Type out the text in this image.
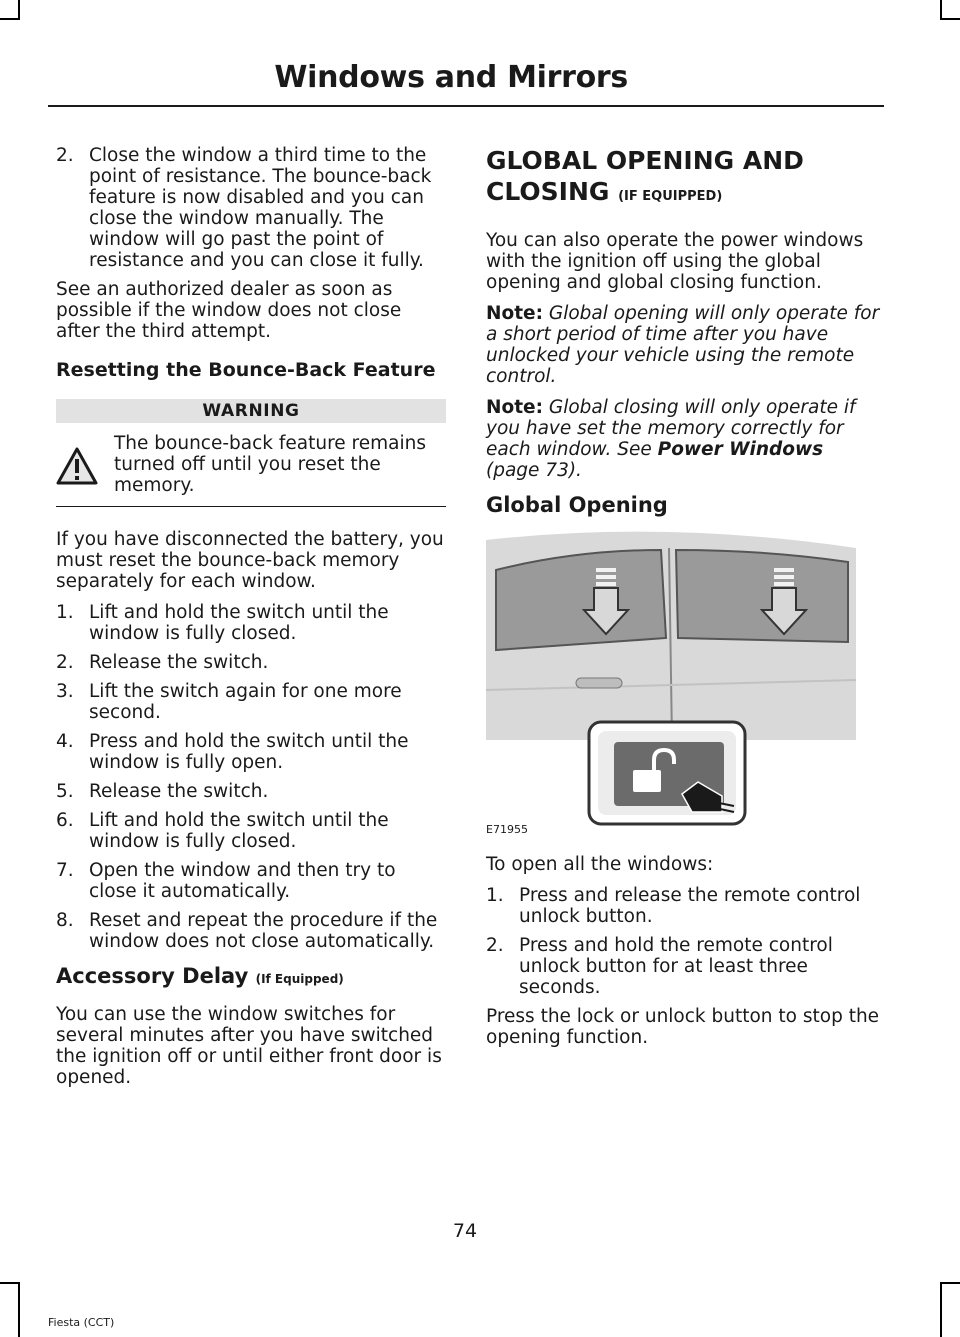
Windows and Mirrors
2. Close the window a third time to the point of resistance. The bounce-back feature is now disabled and you can close the window manually. The window will go past the point of resistance and you can close it fully.

See an authorized dealer as soon as possible if the window does not close after the third attempt.

Resetting the Bounce-Back Feature
WARNING
The bounce-back feature remains turned off until you reset the memory.

If you have disconnected the battery, you must reset the bounce-back memory separately for each window.

1. Lift and hold the switch until the window is fully closed.
2. Release the switch.
3. Lift the switch again for one more second.
4. Press and hold the switch until the window is fully open.
5. Release the switch.
6. Lift and hold the switch until the window is fully closed.
7. Open the window and then try to close it automatically.
8. Reset and repeat the procedure if the window does not close automatically.
Accessory Delay (If Equipped)

You can use the window switches for several minutes after you have switched the ignition off or until either front door is opened.

GLOBAL OPENING AND
CLOSING (IF EQUIPPED)

You can also operate the power windows with the ignition off using the global opening and global closing function.

Note: Global opening will only operate for a short period of time after you have unlocked your vehicle using the remote control.

Note: Global closing will only operate if you have set the memory correctly for each window. See Power Windows (page 73).

Global Opening
E71955

To open all the windows:

1. Press and release the remote control unlock button.
2. Press and hold the remote control unlock button for at least three seconds.

Press the lock or unlock button to stop the opening function.

74
Fiesta (CCT)
